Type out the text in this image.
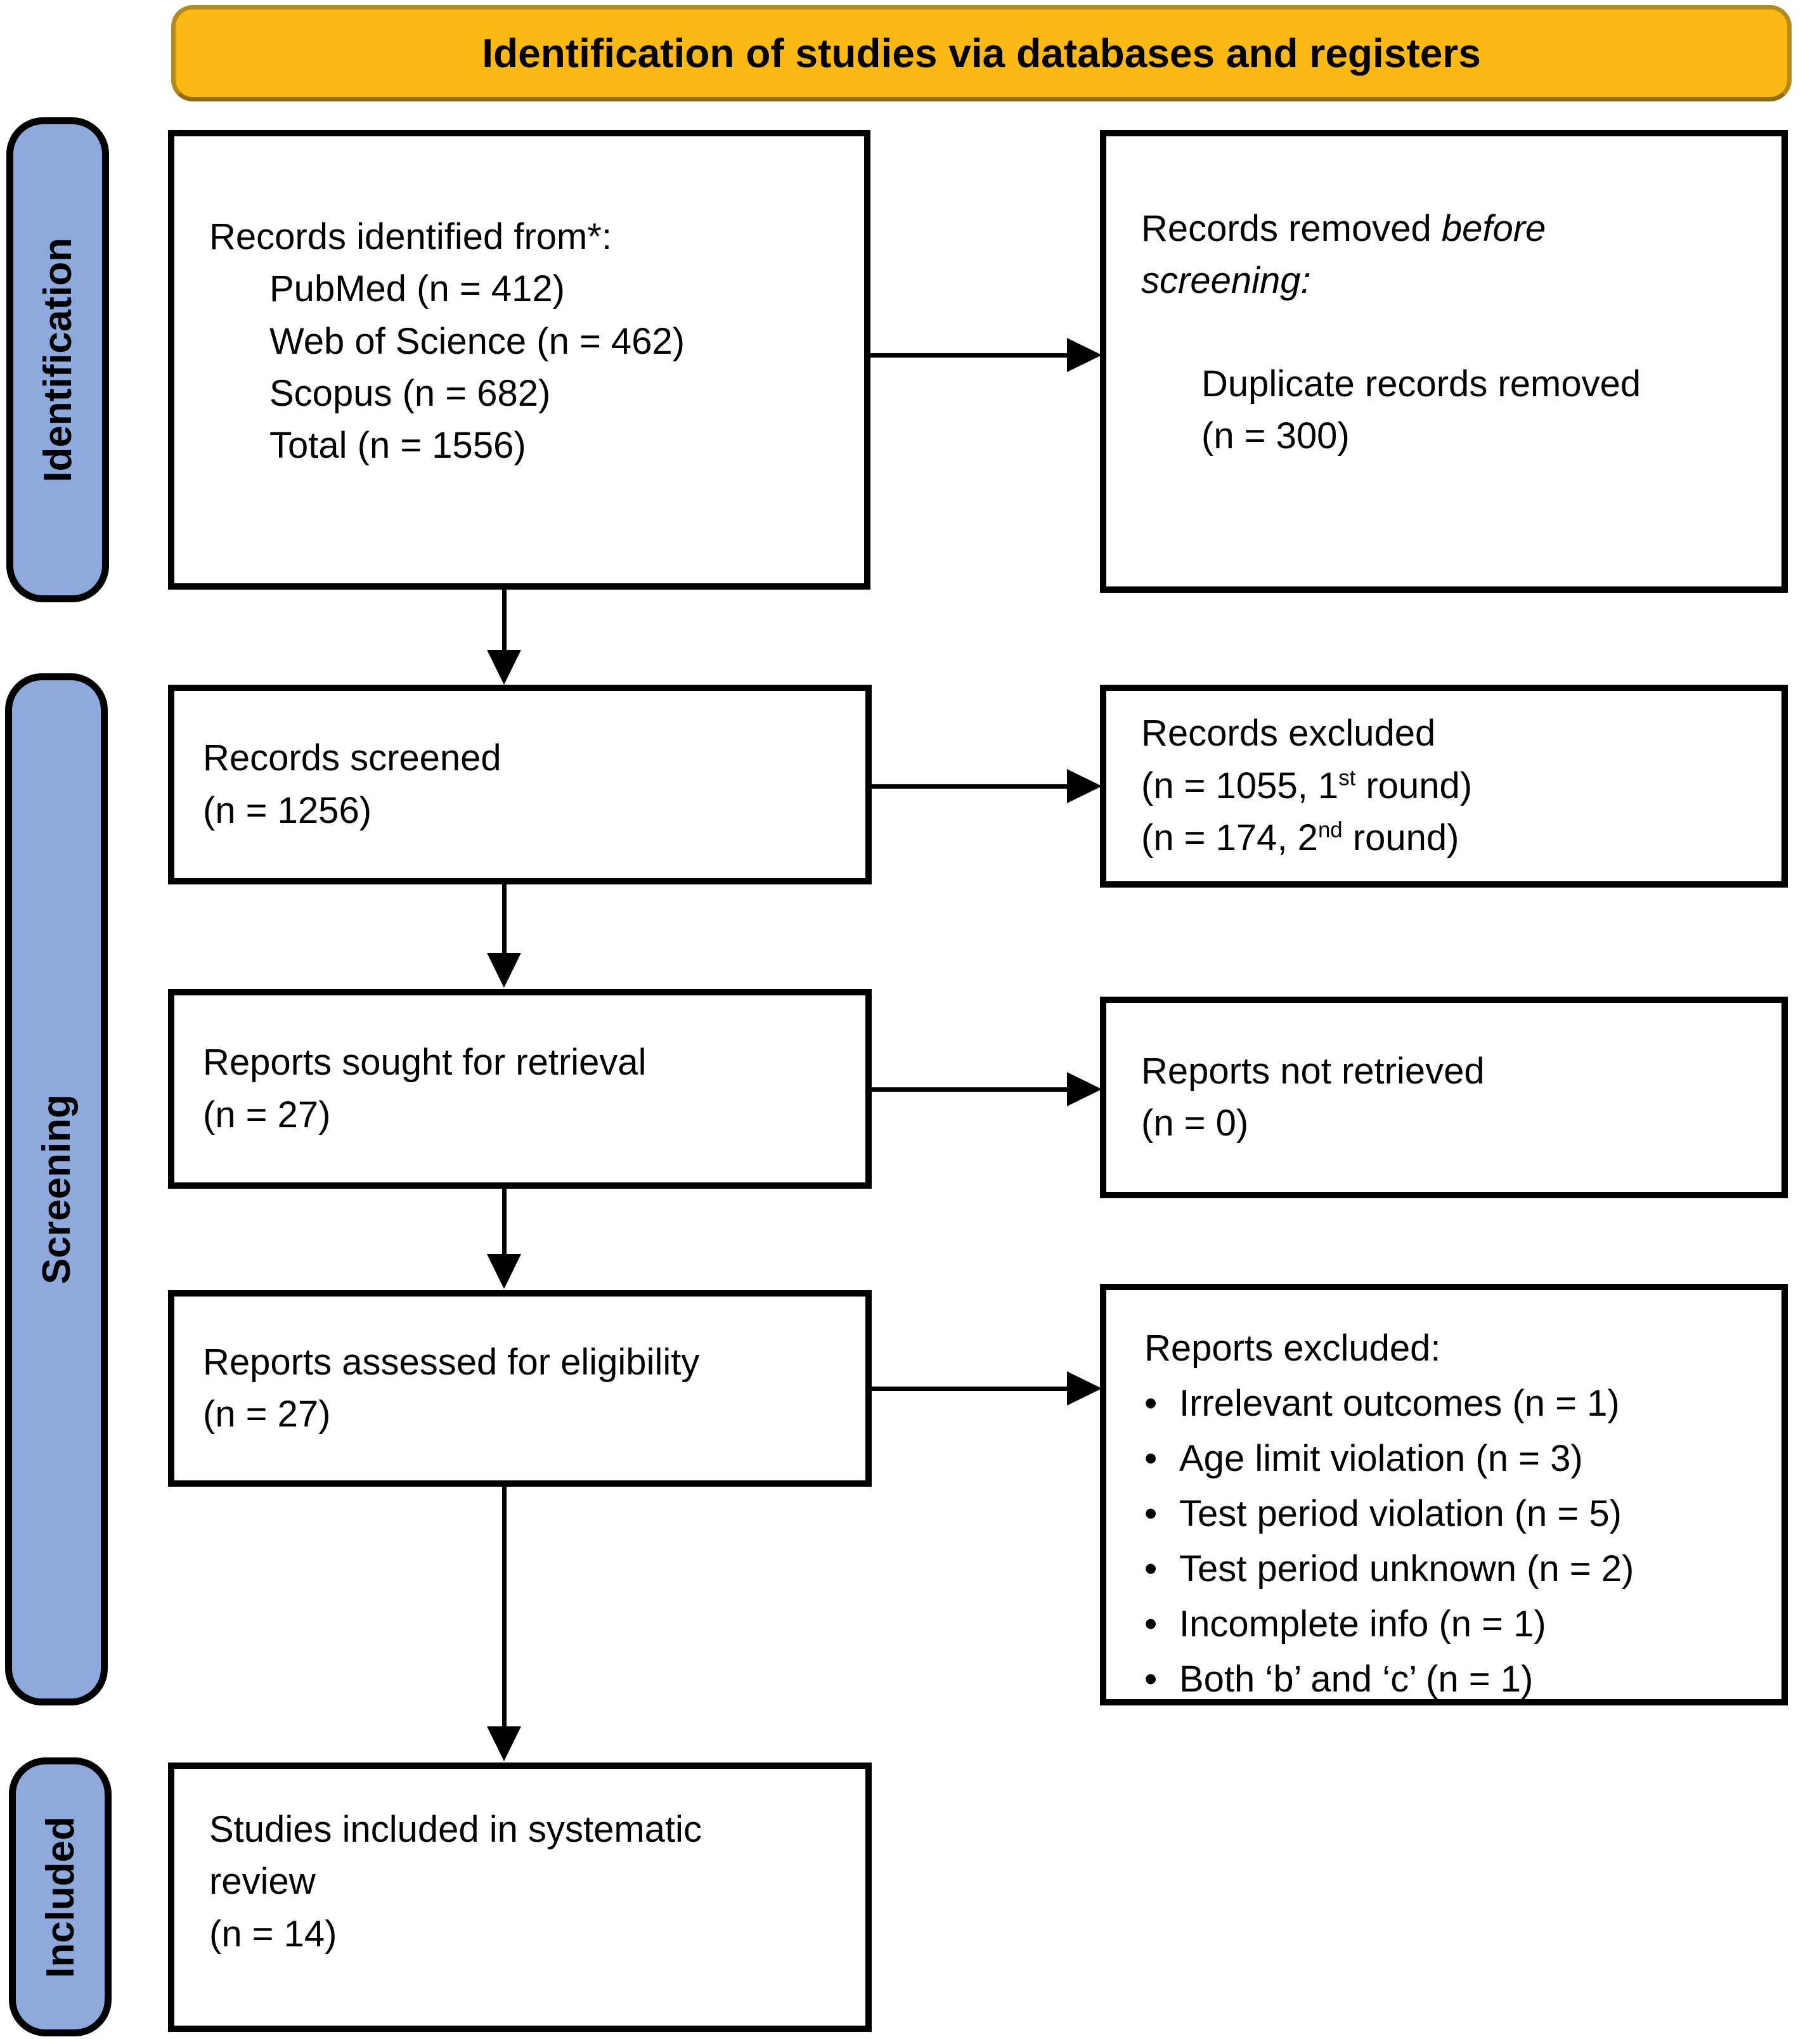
Identification of studies via databases and registers
Identification
Screening
Included
Records identified from*:
PubMed (n = 412)
Web of Science (n = 462)
Scopus (n = 682)
Total (n = 1556)
Records removed before
screening:
Duplicate records removed
(n = 300)
Records screened
(n = 1256)
Records excluded
(n = 1055, 1st round)
(n = 174, 2nd round)
Reports sought for retrieval
(n = 27)
Reports not retrieved
(n = 0)
Reports assessed for eligibility
(n = 27)
Reports excluded:
• Irrelevant outcomes (n = 1)
• Age limit violation (n = 3)
• Test period violation (n = 5)
• Test period unknown (n = 2)
• Incomplete info (n = 1)
• Both ‘b’ and ‘c’ (n = 1)
Studies included in systematic
review
(n = 14)
